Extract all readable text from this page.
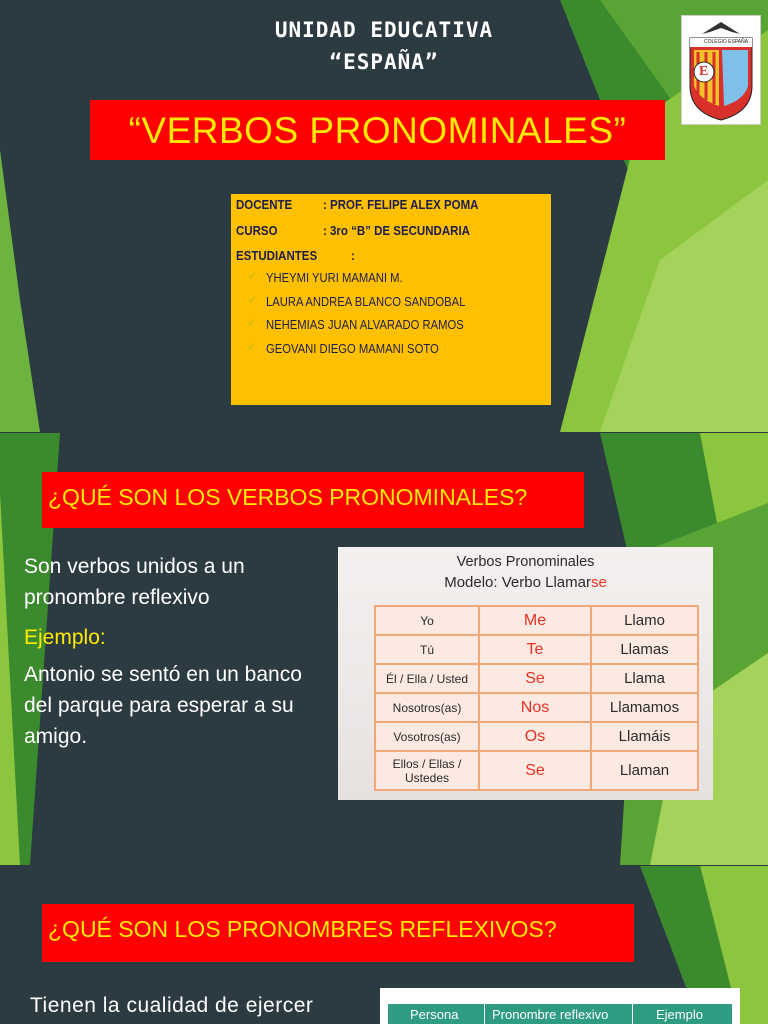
UNIDAD EDUCATIVA
“ESPAÑA”
COLEGIO ESPAÑA
E
“VERBOS PRONOMINALES”
DOCENTE : PROF. FELIPE ALEX POMA
CURSO	: 3ro “B” DE SECUNDARIA
ESTUDIANTES	:
✓ YHEYMI YURI MAMANI M.
✓ LAURA ANDREA BLANCO SANDOBAL
✓ NEHEMIAS JUAN ALVARADO RAMOS
✓ GEOVANI DIEGO MAMANI SOTO
¿QUÉ SON LOS VERBOS PRONOMINALES?
Son verbos unidos a un pronombre reflexivo
Ejemplo:
Antonio se sentó en un banco del parque para esperar a su amigo.
Verbos Pronominales
Modelo: Verbo Llamarse
Yo	Me	Llamo
Tú	Te	Llamas
Él / Ella / Usted	Se	Llama
Nosotros(as)	Nos	Llamamos
Vosotros(as)	Os	Llamáis
Ellos / Ellas / Ustedes	Se	Llaman
¿QUÉ SON LOS PRONOMBRES REFLEXIVOS?
Tienen la cualidad de ejercer	Persona	Pronombre reflexivo	Ejemplo
